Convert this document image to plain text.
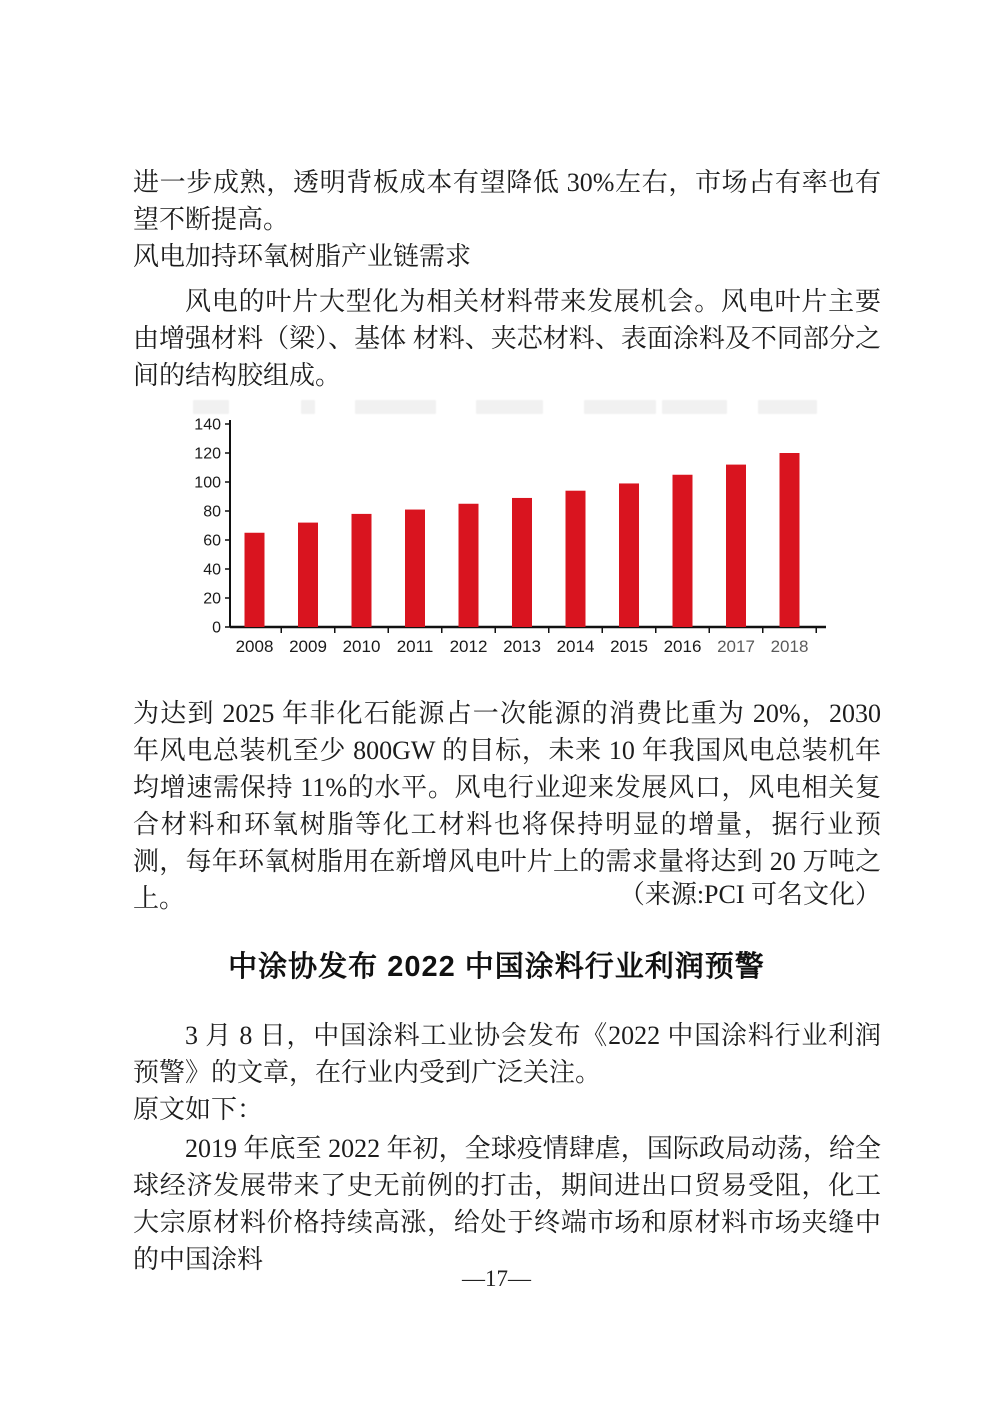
进一步成熟，透明背板成本有望降低 30%左右，市场占有率也有望不断提高。

风电加持环氧树脂产业链需求

风电的叶片大型化为相关材料带来发展机会。风电叶片主要由增强材料（梁）、基体 材料、夹芯材料、表面涂料及不同部分之间的结构胶组成。

0
20
40
60
80
100
120
140
2008 2009 2010 2011 2012 2013 2014 2015 2016 2017 2018

为达到 2025 年非化石能源占一次能源的消费比重为 20%，2030 年风电总装机至少 800GW 的目标，未来 10 年我国风电总装机年均增速需保持 11%的水平。风电行业迎来发展风口，风电相关复合材料和环氧树脂等化工材料也将保持明显的增量，据行业预测，每年环氧树脂用在新增风电叶片上的需求量将达到 20 万吨之上。	（来源:PCI 可名文化）

中涂协发布 2022 中国涂料行业利润预警

3 月 8 日，中国涂料工业协会发布《2022 中国涂料行业利润预警》的文章，在行业内受到广泛关注。

原文如下：

2019 年底至 2022 年初，全球疫情肆虐，国际政局动荡，给全球经济发展带来了史无前例的打击，期间进出口贸易受阻，化工大宗原材料价格持续高涨，给处于终端市场和原材料市场夹缝中的中国涂料

—17—
